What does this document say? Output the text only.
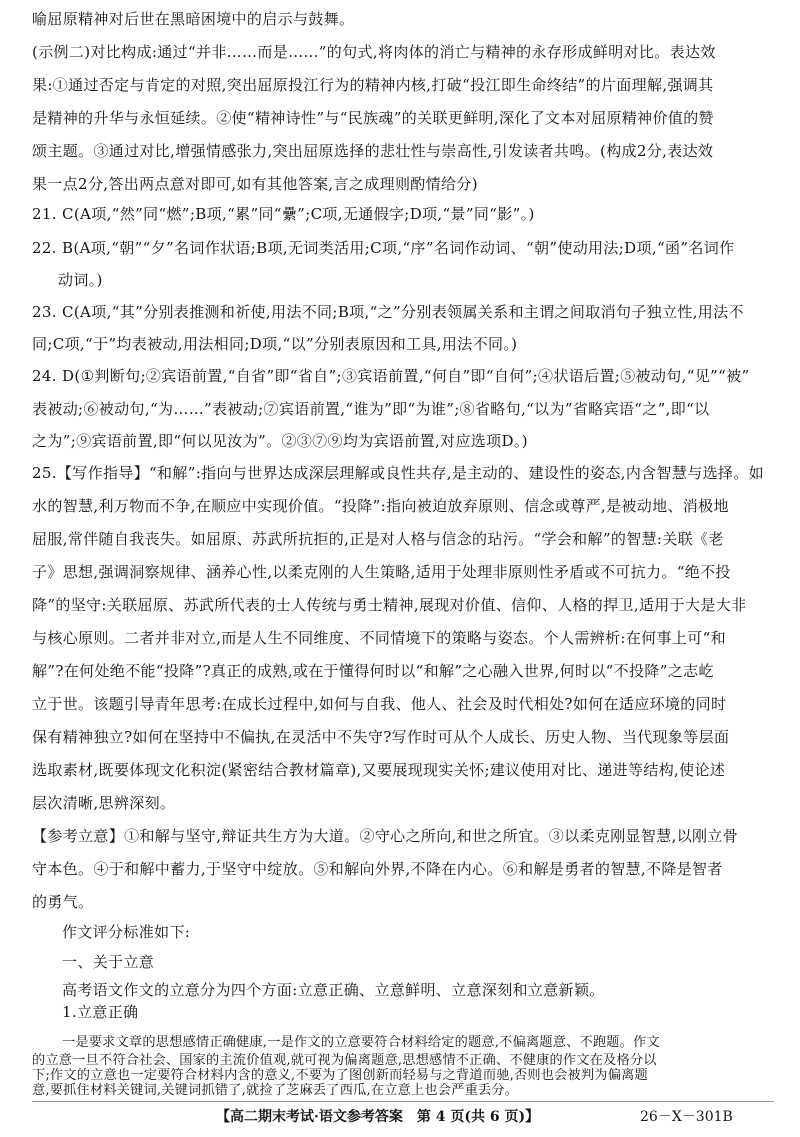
喻屈原精神对后世在黑暗困境中的启示与鼓舞。
(示例二)对比构成:通过“并非……而是……”的句式,将肉体的消亡与精神的永存形成鲜明对比。表达效
果:①通过否定与肯定的对照,突出屈原投江行为的精神内核,打破“投江即生命终结”的片面理解,强调其
是精神的升华与永恒延续。②使“精神诗性”与“民族魂”的关联更鲜明,深化了文本对屈原精神价值的赞
颂主题。③通过对比,增强情感张力,突出屈原选择的悲壮性与崇高性,引发读者共鸣。(构成2分,表达效
果一点2分,答出两点意对即可,如有其他答案,言之成理则酌情给分)
21. C(A项,“然”同“燃”;B项,“累”同“纍”;C项,无通假字;D项,“景”同“影”。)
22. B(A项,“朝”“夕”名词作状语;B项,无词类活用;C项,“序”名词作动词、“朝”使动用法;D项,“函”名词作
动词。)
23. C(A项,“其”分别表推测和祈使,用法不同;B项,“之”分别表领属关系和主谓之间取消句子独立性,用法不
同;C项,“于”均表被动,用法相同;D项,“以”分别表原因和工具,用法不同。)
24. D(①判断句;②宾语前置,“自省”即“省自”;③宾语前置,“何自”即“自何”;④状语后置;⑤被动句,“见”“被”
表被动;⑥被动句,“为……”表被动;⑦宾语前置,“谁为”即“为谁”;⑧省略句,“以为”省略宾语“之”,即“以
之为”;⑨宾语前置,即“何以见汝为”。②③⑦⑨均为宾语前置,对应选项D。)
25.【写作指导】“和解”:指向与世界达成深层理解或良性共存,是主动的、建设性的姿态,内含智慧与选择。如
水的智慧,利万物而不争,在顺应中实现价值。“投降”:指向被迫放弃原则、信念或尊严,是被动地、消极地
屈服,常伴随自我丧失。如屈原、苏武所抗拒的,正是对人格与信念的玷污。“学会和解”的智慧:关联《老
子》思想,强调洞察规律、涵养心性,以柔克刚的人生策略,适用于处理非原则性矛盾或不可抗力。“绝不投
降”的坚守:关联屈原、苏武所代表的士人传统与勇士精神,展现对价值、信仰、人格的捍卫,适用于大是大非
与核心原则。二者并非对立,而是人生不同维度、不同情境下的策略与姿态。个人需辨析:在何事上可“和
解”?在何处绝不能“投降”?真正的成熟,或在于懂得何时以“和解”之心融入世界,何时以“不投降”之志屹
立于世。该题引导青年思考:在成长过程中,如何与自我、他人、社会及时代相处?如何在适应环境的同时
保有精神独立?如何在坚持中不偏执,在灵活中不失守?写作时可从个人成长、历史人物、当代现象等层面
选取素材,既要体现文化积淀(紧密结合教材篇章),又要展现现实关怀;建议使用对比、递进等结构,使论述
层次清晰,思辨深刻。
【参考立意】①和解与坚守,辩证共生方为大道。②守心之所向,和世之所宜。③以柔克刚显智慧,以刚立骨
守本色。④于和解中蓄力,于坚守中绽放。⑤和解向外界,不降在内心。⑥和解是勇者的智慧,不降是智者
的勇气。
作文评分标准如下:
一、关于立意
高考语文作文的立意分为四个方面:立意正确、立意鲜明、立意深刻和立意新颖。
1.立意正确
一是要求文章的思想感情正确健康,一是作文的立意要符合材料给定的题意,不偏离题意、不跑题。作文
的立意一旦不符合社会、国家的主流价值观,就可视为偏离题意,思想感情不正确、不健康的作文在及格分以
下;作文的立意也一定要符合材料内含的意义,不要为了图创新而轻易与之背道而驰,否则也会被判为偏离题
意,要抓住材料关键词,关键词抓错了,就捡了芝麻丢了西瓜,在立意上也会严重丢分。
【高二期末考试·语文参考答案　第 4 页(共 6 页)】	26－X－301B
